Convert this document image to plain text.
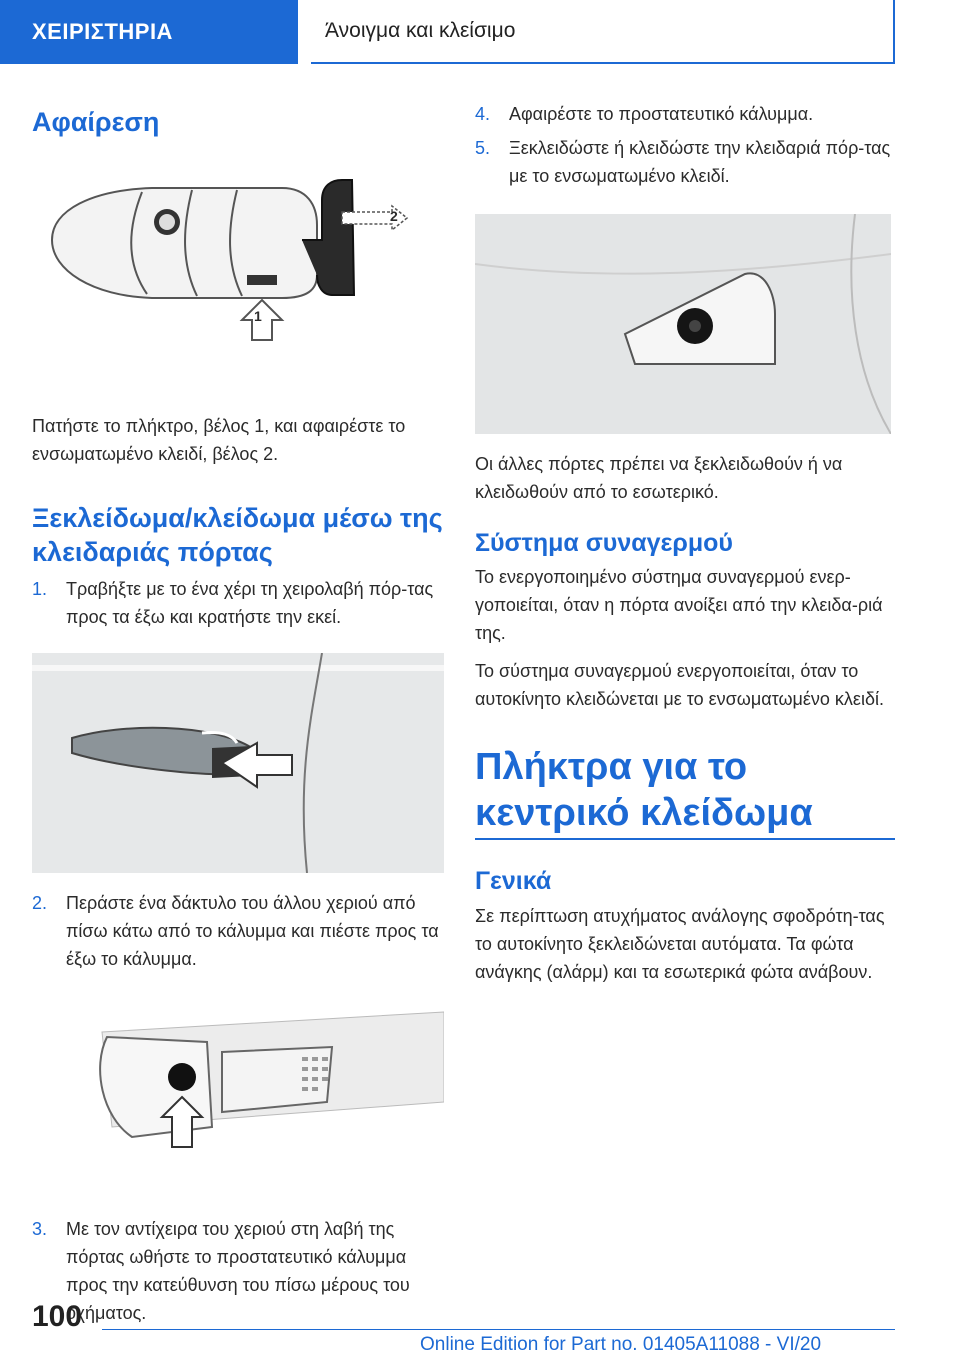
ΧΕΙΡΙΣΤΗΡΙΑ	Άνοιγμα και κλείσιμο
Αφαίρεση
1
2

Πατήστε το πλήκτρο, βέλος 1, και αφαιρέστε το ενσωματωμένο κλειδί, βέλος 2.

Ξεκλείδωμα/κλείδωμα μέσω της κλειδαριάς πόρτας
1.	Τραβήξτε με το ένα χέρι τη χειρολαβή πόρ-τας προς τα έξω και κρατήστε την εκεί.
2.	Περάστε ένα δάκτυλο του άλλου χεριού από πίσω κάτω από το κάλυμμα και πιέστε προς τα έξω το κάλυμμα.
3.	Με τον αντίχειρα του χεριού στη λαβή της πόρτας ωθήστε το προστατευτικό κάλυμμα προς την κατεύθυνση του πίσω μέρους του οχήματος.
4.	Αφαιρέστε το προστατευτικό κάλυμμα.
5.	Ξεκλειδώστε ή κλειδώστε την κλειδαριά πόρ-τας με το ενσωματωμένο κλειδί.

Οι άλλες πόρτες πρέπει να ξεκλειδωθούν ή να κλειδωθούν από το εσωτερικό.

Σύστημα συναγερμού

Το ενεργοποιημένο σύστημα συναγερμού ενερ-γοποιείται, όταν η πόρτα ανοίξει από την κλειδα-ριά της.

Το σύστημα συναγερμού ενεργοποιείται, όταν το αυτοκίνητο κλειδώνεται με το ενσωματωμένο κλειδί.

Πλήκτρα για το κεντρικό κλείδωμα
Γενικά

Σε περίπτωση ατυχήματος ανάλογης σφοδρότη-τας το αυτοκίνητο ξεκλειδώνεται αυτόματα. Τα φώτα ανάγκης (αλάρμ) και τα εσωτερικά φώτα ανάβουν.

100
Online Edition for Part no. 01405A11088 - VI/20
